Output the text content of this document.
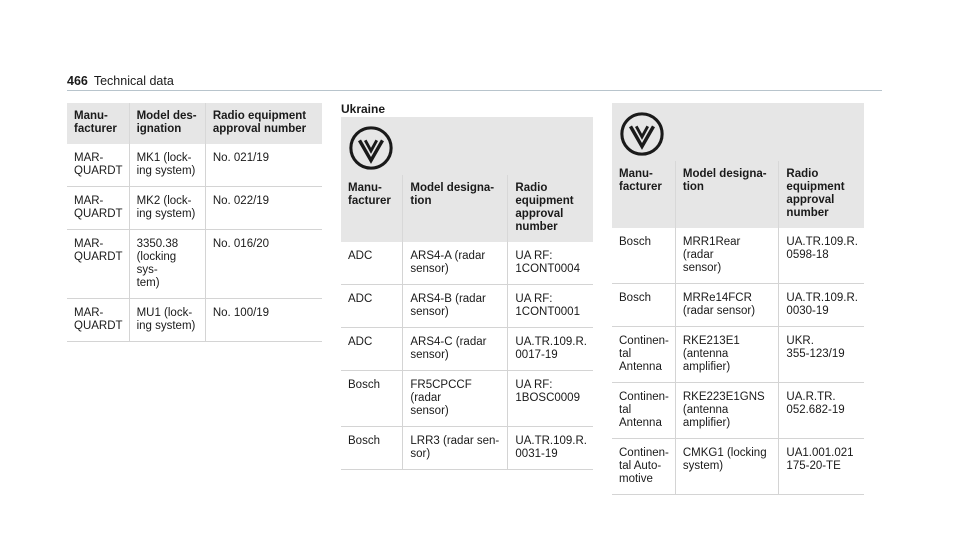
466 Technical data
Manu-
facturer	Model des-
ignation	Radio equipment
approval number

MAR-
QUARDT	MK1 (lock-
ing system)	No. 021/19

MAR-
QUARDT	MK2 (lock-
ing system)	No. 022/19

MAR-
QUARDT	3350.38
(locking sys-
tem)	No. 016/20

MAR-
QUARDT	MU1 (lock-
ing system)	No. 100/19
Ukraine

Manu-
facturer	Model designa-
tion	Radio
equipment
approval
number

ADC	ARS4-A (radar
sensor)	UA RF:
1CONT0004

ADC	ARS4-B (radar
sensor)	UA RF:
1CONT0001

ADC	ARS4-C (radar
sensor)	UA.TR.109.R.
0017-19

Bosch	FR5CPCCF (radar
sensor)	UA RF:
1BOSC0009

Bosch	LRR3 (radar sen-
sor)	UA.TR.109.R.
0031-19

Manu-
facturer	Model designa-
tion	Radio
equipment
approval
number

Bosch	MRR1Rear (radar
sensor)	UA.TR.109.R.
0598-18

Bosch	MRRe14FCR
(radar sensor)	UA.TR.109.R.
0030-19

Continen-
tal
Antenna	RKE213E1
(antenna amplifier)	UKR.
355-123/19

Continen-
tal
Antenna	RKE223E1GNS
(antenna amplifier)	UA.R.TR.
052.682-19

Continen-
tal Auto-
motive	CMKG1 (locking
system)	UA1.001.021
175-20-TE
